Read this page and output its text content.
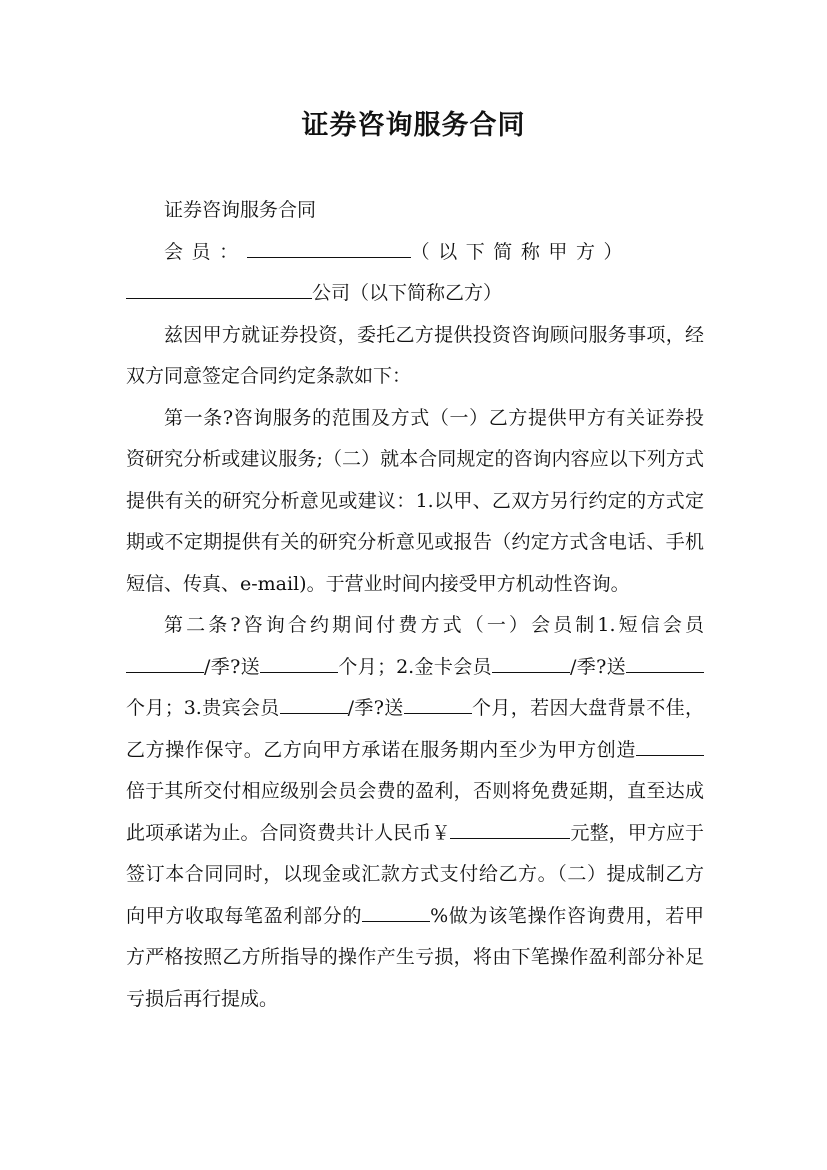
证券咨询服务合同

证券咨询服务合同

会员：	（以下简称甲方）

公司（以下简称乙方）

兹因甲方就证券投资，委托乙方提供投资咨询顾问服务事项，经双方同意签定合同约定条款如下：

第一条?咨询服务的范围及方式（一）乙方提供甲方有关证券投资研究分析或建议服务;（二）就本合同规定的咨询内容应以下列方式提供有关的研究分析意见或建议：1.以甲、乙双方另行约定的方式定期或不定期提供有关的研究分析意见或报告（约定方式含电话、手机短信、传真、e-mail)。于营业时间内接受甲方机动性咨询。

第二条?咨询合约期间付费方式（一）会员制1.短信会员/季?送	个月；2.金卡会员	/季?送个月；3.贵宾会员	/季?送	个月，若因大盘背景不佳，乙方操作保守。乙方向甲方承诺在服务期内至少为甲方创造倍于其所交付相应级别会员会费的盈利，否则将免费延期，直至达成此项承诺为止。合同资费共计人民币￥	元整，甲方应于签订本合同同时，以现金或汇款方式支付给乙方。（二）提成制乙方向甲方收取每笔盈利部分的	%做为该笔操作咨询费用，若甲方严格按照乙方所指导的操作产生亏损，将由下笔操作盈利部分补足亏损后再行提成。
